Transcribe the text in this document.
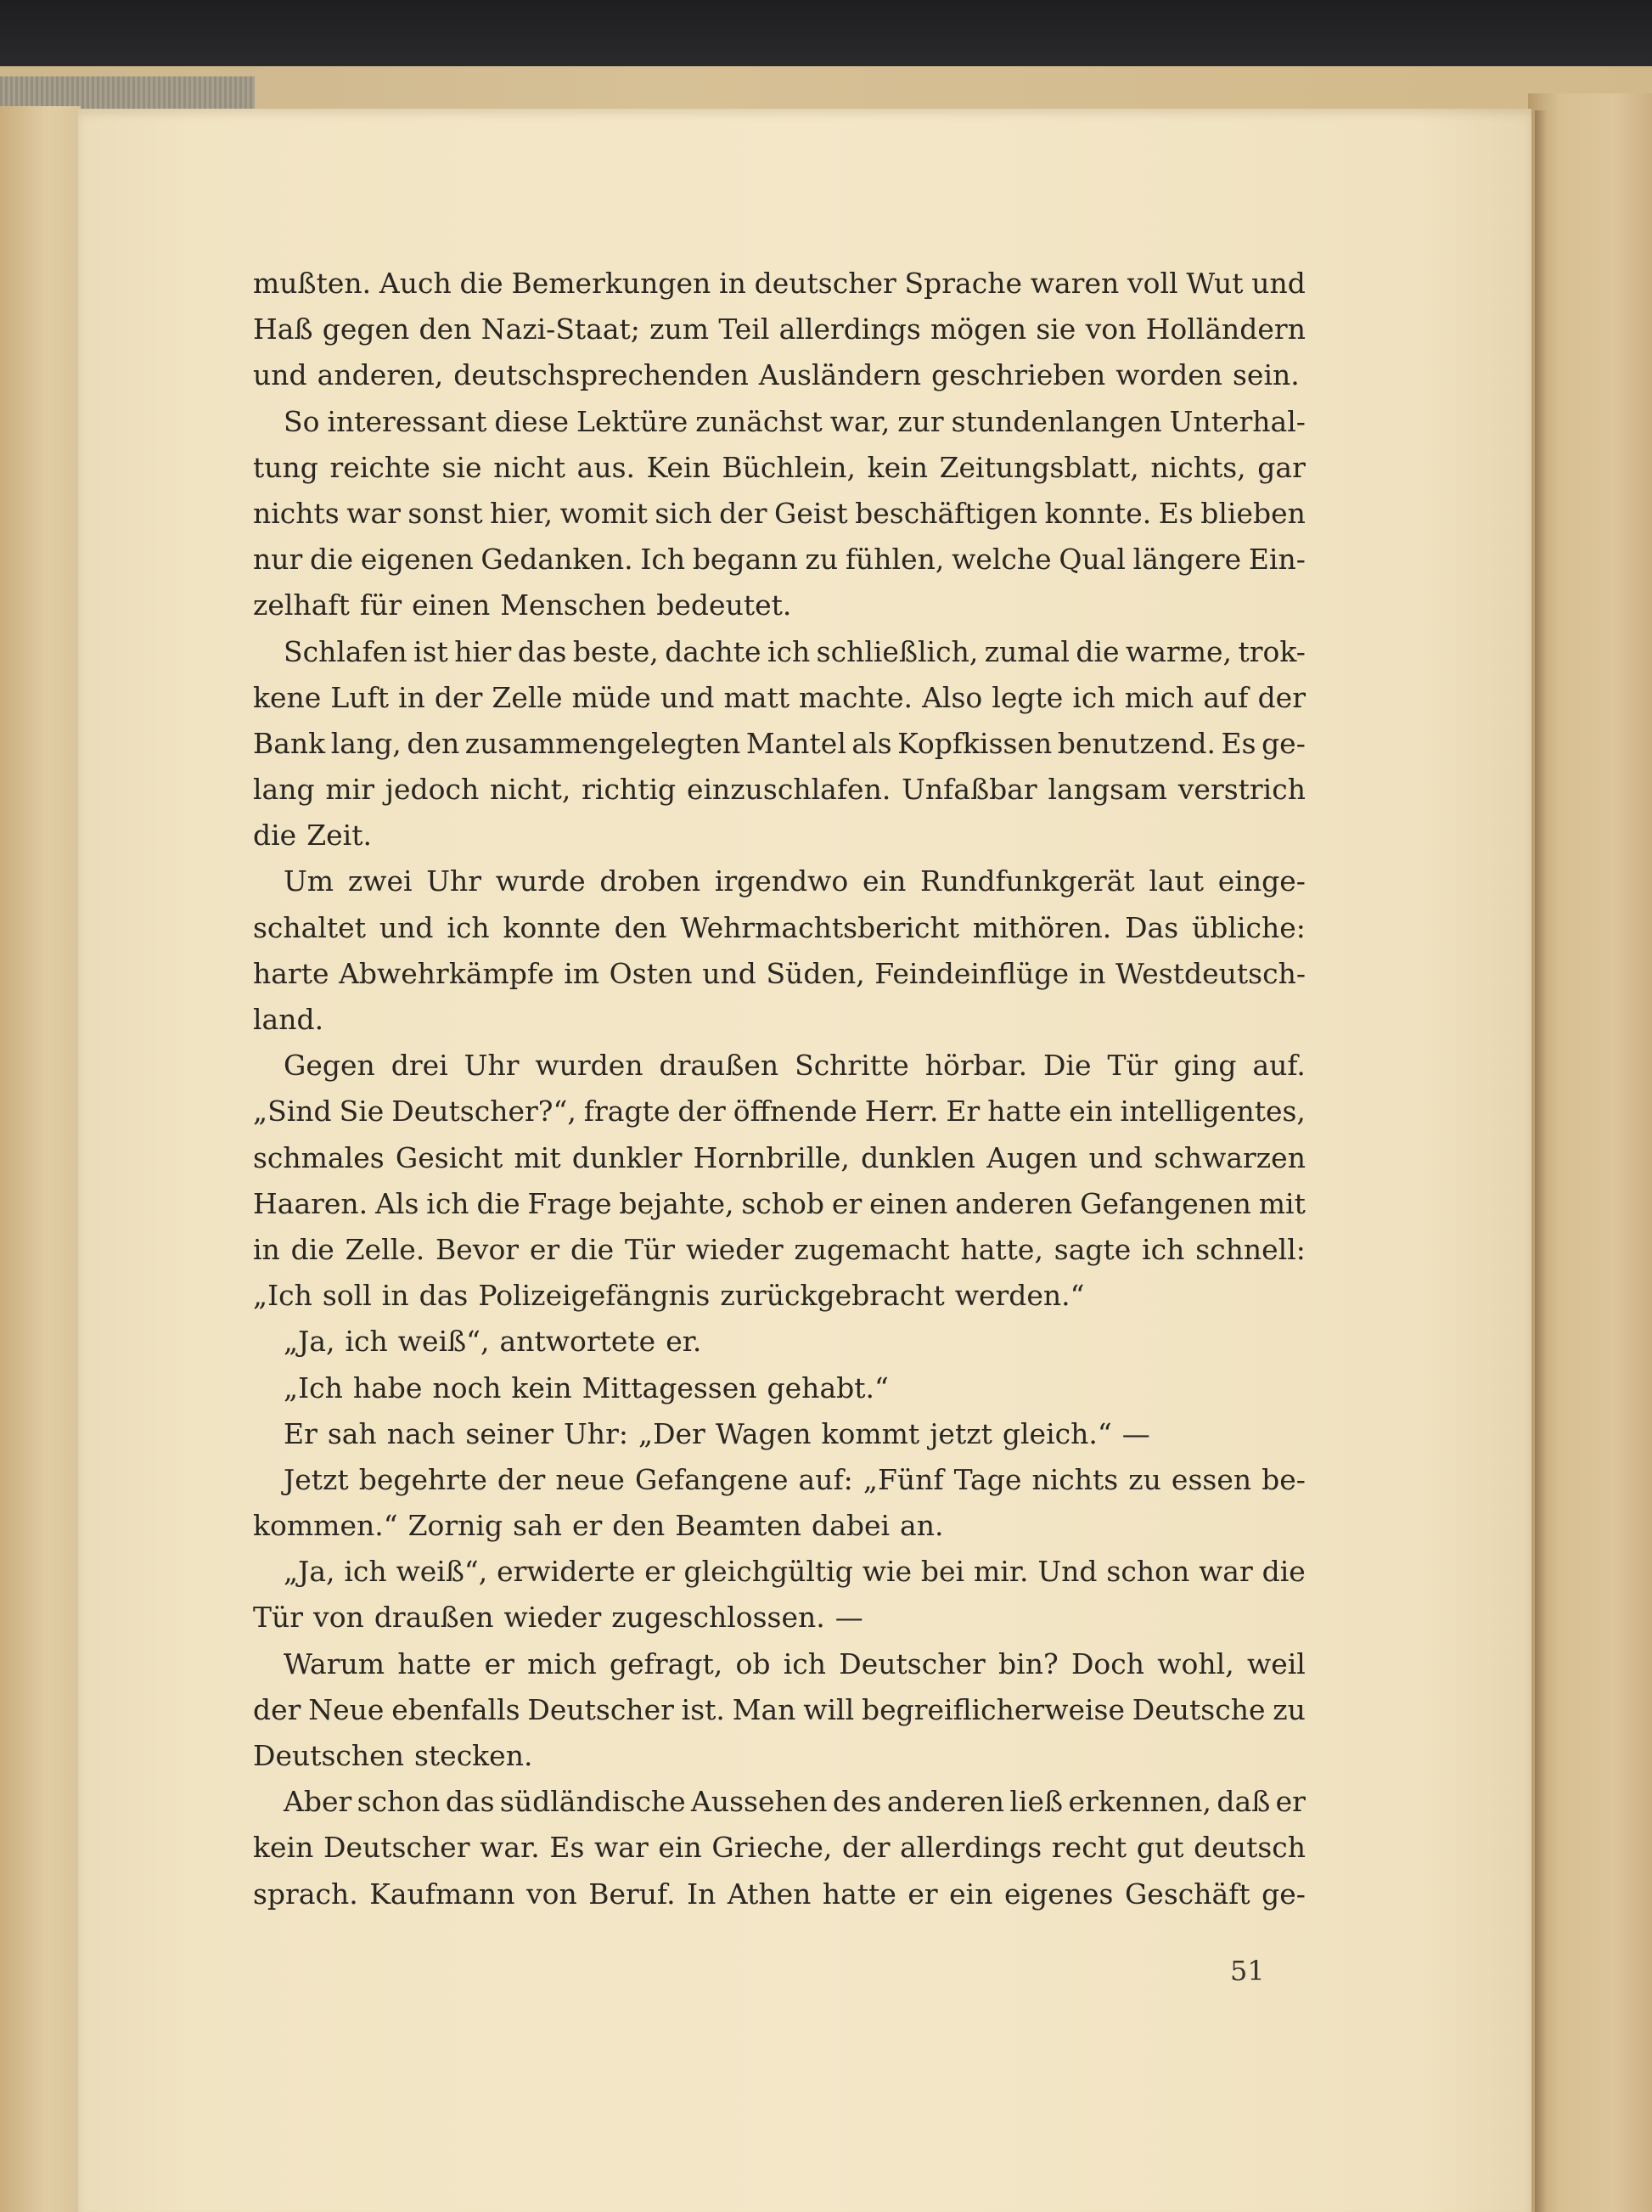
mußten. Auch die Bemerkungen in deutscher Sprache waren voll Wut und
Haß gegen den Nazi-Staat; zum Teil allerdings mögen sie von Holländern
und anderen, deutschsprechenden Ausländern geschrieben worden sein.
So interessant diese Lektüre zunächst war, zur stundenlangen Unterhal-
tung reichte sie nicht aus. Kein Büchlein, kein Zeitungsblatt, nichts, gar
nichts war sonst hier, womit sich der Geist beschäftigen konnte. Es blieben
nur die eigenen Gedanken. Ich begann zu fühlen, welche Qual längere Ein-
zelhaft für einen Menschen bedeutet.
Schlafen ist hier das beste, dachte ich schließlich, zumal die warme, trok-
kene Luft in der Zelle müde und matt machte. Also legte ich mich auf der
Bank lang, den zusammengelegten Mantel als Kopfkissen benutzend. Es ge-
lang mir jedoch nicht, richtig einzuschlafen. Unfaßbar langsam verstrich
die Zeit.
Um zwei Uhr wurde droben irgendwo ein Rundfunkgerät laut einge-
schaltet und ich konnte den Wehrmachtsbericht mithören. Das übliche:
harte Abwehrkämpfe im Osten und Süden, Feindeinflüge in Westdeutsch-
land.
Gegen drei Uhr wurden draußen Schritte hörbar. Die Tür ging auf.
„Sind Sie Deutscher?“, fragte der öffnende Herr. Er hatte ein intelligentes,
schmales Gesicht mit dunkler Hornbrille, dunklen Augen und schwarzen
Haaren. Als ich die Frage bejahte, schob er einen anderen Gefangenen mit
in die Zelle. Bevor er die Tür wieder zugemacht hatte, sagte ich schnell:
„Ich soll in das Polizeigefängnis zurückgebracht werden.“
„Ja, ich weiß“, antwortete er.
„Ich habe noch kein Mittagessen gehabt.“
Er sah nach seiner Uhr: „Der Wagen kommt jetzt gleich.“ —
Jetzt begehrte der neue Gefangene auf: „Fünf Tage nichts zu essen be-
kommen.“ Zornig sah er den Beamten dabei an.
„Ja, ich weiß“, erwiderte er gleichgültig wie bei mir. Und schon war die
Tür von draußen wieder zugeschlossen. —
Warum hatte er mich gefragt, ob ich Deutscher bin? Doch wohl, weil
der Neue ebenfalls Deutscher ist. Man will begreiflicherweise Deutsche zu
Deutschen stecken.
Aber schon das südländische Aussehen des anderen ließ erkennen, daß er
kein Deutscher war. Es war ein Grieche, der allerdings recht gut deutsch
sprach. Kaufmann von Beruf. In Athen hatte er ein eigenes Geschäft ge-
51
